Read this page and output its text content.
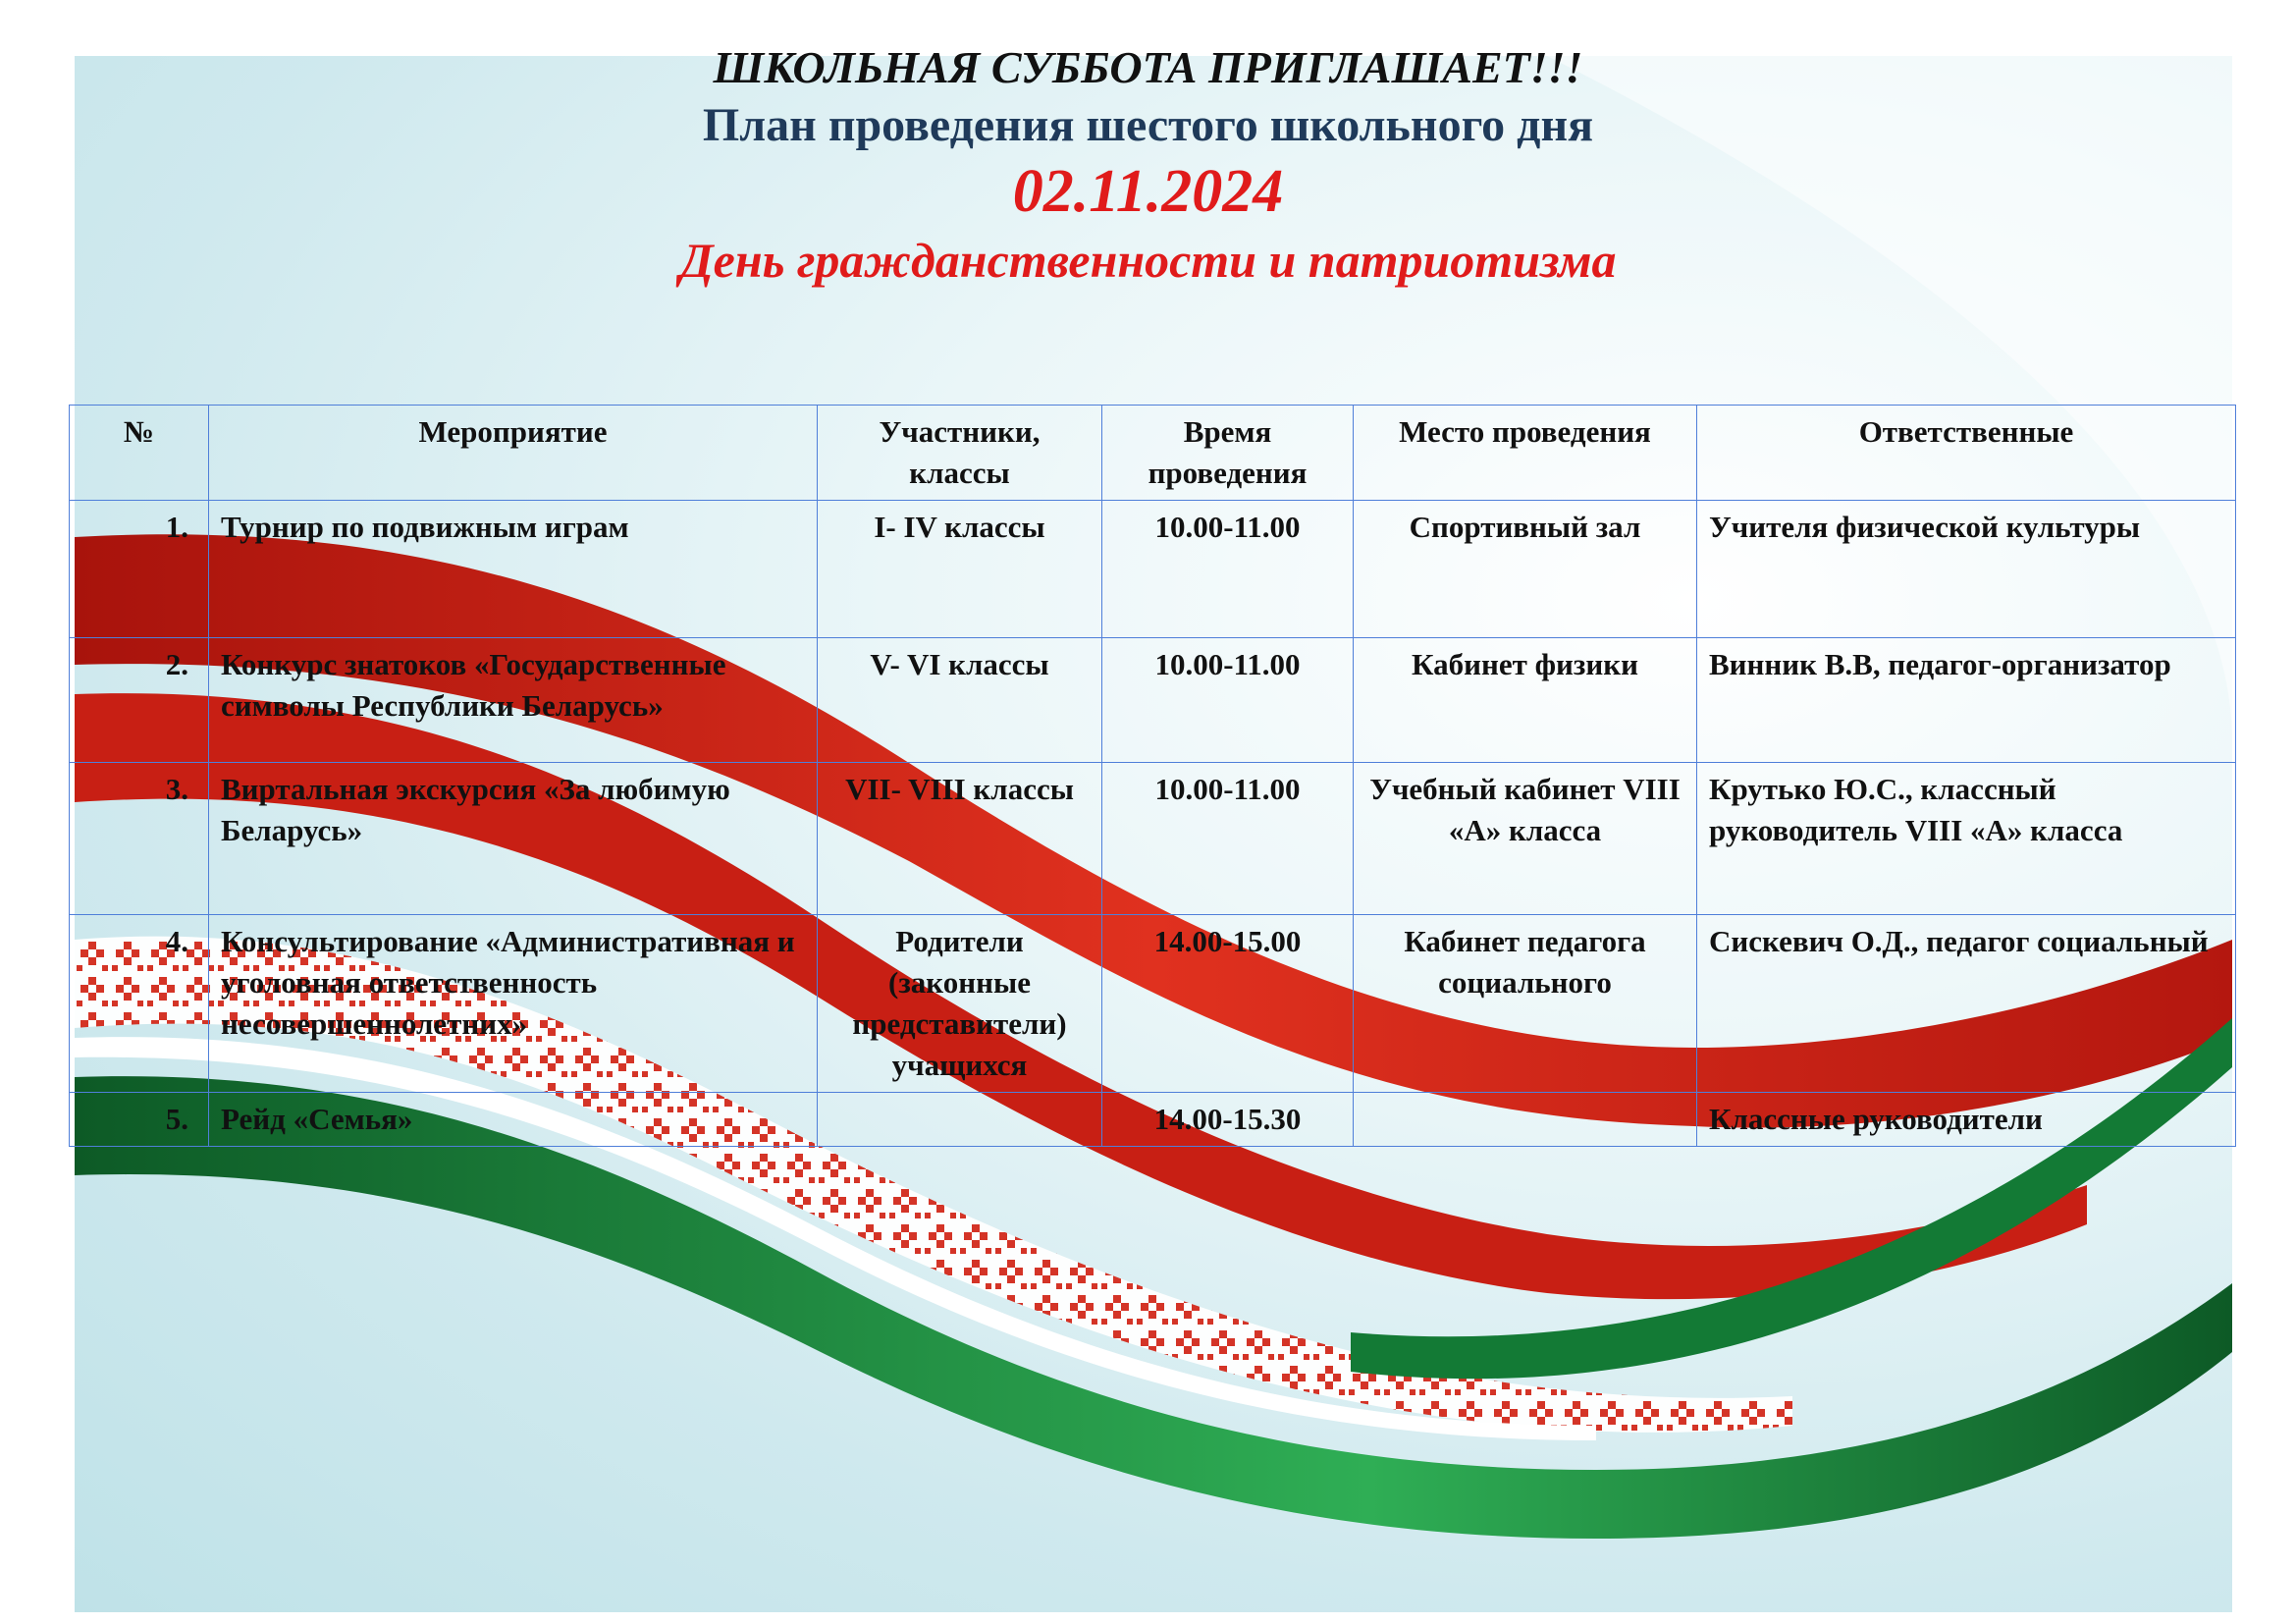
ШКОЛЬНАЯ СУББОТА ПРИГЛАШАЕТ!!!
План проведения шестого школьного дня
02.11.2024
День гражданственности и патриотизма
№	Мероприятие	Участники, классы	Время проведения	Место проведения	Ответственные
1.	Турнир по подвижным играм	I- IV классы	10.00-11.00	Спортивный зал	Учителя физической культуры
2.	Конкурс знатоков «Государственные символы Республики Беларусь»	V- VI классы	10.00-11.00	Кабинет физики	Винник В.В, педагог-организатор
3.	Виртальная экскурсия «За любимую Беларусь»	VII- VIII классы	10.00-11.00	Учебный кабинет VIII «А» класса	Крутько Ю.С., классный руководитель VIII «А» класса
4.	Консультирование «Административная и уголовная ответственность несовершеннолетних»	Родители (законные представители) учащихся	14.00-15.00	Кабинет педагога социального	Сискевич О.Д., педагог социальный
5.	Рейд «Семья»		14.00-15.30		Классные руководители
